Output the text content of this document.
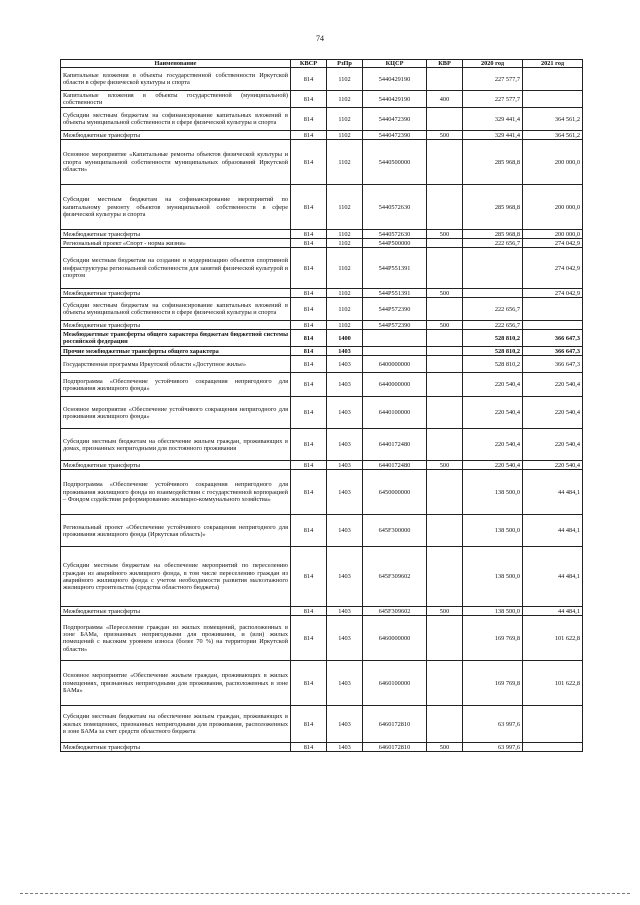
74
Наименование	КВСР	РзПр	КЦСР	КВР	2020 год	2021 год
Капитальные вложения в объекты государственной собственности Иркутской области в сфере физической культуры и спорта	814	1102	5440429190		227 577,7	
Капитальные вложения в объекты государственной (муниципальной) собственности	814	1102	5440429190	400	227 577,7	
Субсидии местным бюджетам на софинансирование капитальных вложений в объекты муниципальной собственности в сфере физической культуры и спорта	814	1102	5440472390		329 441,4	364 561,2
Межбюджетные трансферты	814	1102	5440472390	500	329 441,4	364 561,2
Основное мероприятие «Капитальные ремонты объектов физической культуры и спорта муниципальной собственности муниципальных образований Иркутской области»	814	1102	5440500000		285 968,8	200 000,0
Субсидии местным бюджетам на софинансирование мероприятий по капитальному ремонту объектов муниципальной собственности в сфере физической культуры и спорта	814	1102	5440572630		285 968,8	200 000,0
Межбюджетные трансферты	814	1102	5440572630	500	285 968,8	200 000,0
Региональный проект «Спорт - норма жизни»	814	1102	544P500000		222 656,7	274 042,9
Субсидии местным бюджетам на создание и модернизацию объектов спортивной инфраструктуры региональной собственности для занятий физической культурой и спортом	814	1102	544P551391			274 042,9
Межбюджетные трансферты	814	1102	544P551391	500		274 042,9
Субсидии местным бюджетам на софинансирование капитальных вложений в объекты муниципальной собственности в сфере физической культуры и спорта	814	1102	544P572390		222 656,7	
Межбюджетные трансферты	814	1102	544P572390	500	222 656,7	
Межбюджетные трансферты общего характера бюджетам бюджетной системы российской федерации	814	1400			528 810,2	366 647,3
Прочие межбюджетные трансферты общего характера	814	1403			528 810,2	366 647,3
Государственная программа Иркутской области «Доступное жилье»	814	1403	6400000000		528 810,2	366 647,3
Подпрограмма «Обеспечение устойчивого сокращения непригодного для проживания жилищного фонда»	814	1403	6440000000		220 540,4	220 540,4
Основное мероприятие «Обеспечение устойчивого сокращения непригодного для проживания жилищного фонда»	814	1403	6440100000		220 540,4	220 540,4
Субсидии местным бюджетам на обеспечение жильем граждан, проживающих в домах, признанных непригодными для постоянного проживания	814	1403	6440172480		220 540,4	220 540,4
Межбюджетные трансферты	814	1403	6440172480	500	220 540,4	220 540,4
Подпрограмма «Обеспечение устойчивого сокращения непригодного для проживания жилищного фонда во взаимодействии с государственной корпорацией – Фондом содействия реформированию жилищно-коммунального хозяйства»	814	1403	6450000000		138 500,0	44 484,1
Региональный проект «Обеспечение устойчивого сокращения непригодного для проживания жилищного фонда (Иркутская область)»	814	1403	645F300000		138 500,0	44 484,1
Субсидии местным бюджетам на обеспечение мероприятий по переселению граждан из аварийного жилищного фонда, в том числе переселению граждан из аварийного жилищного фонда с учетом необходимости развития малоэтажного жилищного строительства (средства областного бюджета)	814	1403	645F309602		138 500,0	44 484,1
Межбюджетные трансферты	814	1403	645F309602	500	138 500,0	44 484,1
Подпрограмма «Переселение граждан из жилых помещений, расположенных в зоне БАМа, признанных непригодными для проживания, и (или) жилых помещений с высоким уровнем износа (более 70 %) на территории Иркутской области»	814	1403	6460000000		169 769,8	101 622,8
Основное мероприятие «Обеспечение жильем граждан, проживающих в жилых помещениях, признанных непригодными для проживания, расположенных в зоне БАМа»	814	1403	6460100000		169 769,8	101 622,8
Субсидии местным бюджетам на обеспечение жильем граждан, проживающих в жилых помещениях, признанных непригодными для проживания, расположенных в зоне БАМа за счет средств областного бюджета	814	1403	6460172810		63 997,6	
Межбюджетные трансферты	814	1403	6460172810	500	63 997,6	
